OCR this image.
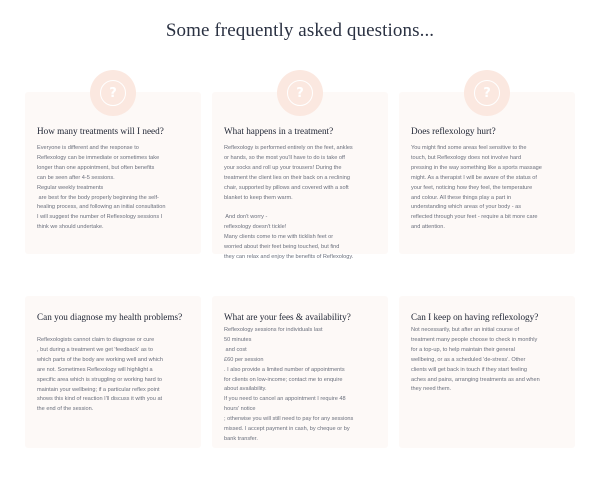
Some frequently asked questions...
?
How many treatments will I need?
Everyone is different and the response to
Reflexology can be immediate or sometimes take
longer than one appointment, but often benefits
can be seen after 4-5 sessions.
Regular weekly treatments
are best for the body properly beginning the self-
healing process, and following an initial consultation
I will suggest the number of Reflexology sessions I
think we should undertake.
?
What happens in a treatment?
Reflexology is performed entirely on the feet, ankles
or hands, so the most you'll have to do is take off
your socks and roll up your trousers! During the
treatment the client lies on their back on a reclining
chair, supported by pillows and covered with a soft
blanket to keep them warm.

And don't worry -
reflexology doesn't tickle!
Many clients come to me with ticklish feet or
worried about their feet being touched, but find
they can relax and enjoy the benefits of Reflexology.
?
Does reflexology hurt?
You might find some areas feel sensitive to the
touch, but Reflexology does not involve hard
pressing in the way something like a sports massage
might. As a therapist I will be aware of the status of
your feet, noticing how they feel, the temperature
and colour. All these things play a part in
understanding which areas of your body - as
reflected through your feet - require a bit more care
and attention.
Can you diagnose my health problems?
Reflexologists cannot claim to diagnose or cure
, but during a treatment we get 'feedback' as to
which parts of the body are working well and which
are not. Sometimes Reflexology will highlight a
specific area which is struggling or working hard to
maintain your wellbeing; if a particular reflex point
shows this kind of reaction I'll discuss it with you at
the end of the session.
What are your fees & availability?
Reflexology sessions for individuals last
50 minutes
and cost
£60 per session
. I also provide a limited number of appointments
for clients on low-income; contact me to enquire
about availability.
If you need to cancel an appointment I require 48
hours' notice
; otherwise you will still need to pay for any sessions
missed. I accept payment in cash, by cheque or by
bank transfer.
Can I keep on having reflexology?
Not necessarily, but after an initial course of
treatment many people choose to check in monthly
for a top-up, to help maintain their general
wellbeing, or as a scheduled 'de-stress'. Other
clients will get back in touch if they start feeling
aches and pains, arranging treatments as and when
they need them.
